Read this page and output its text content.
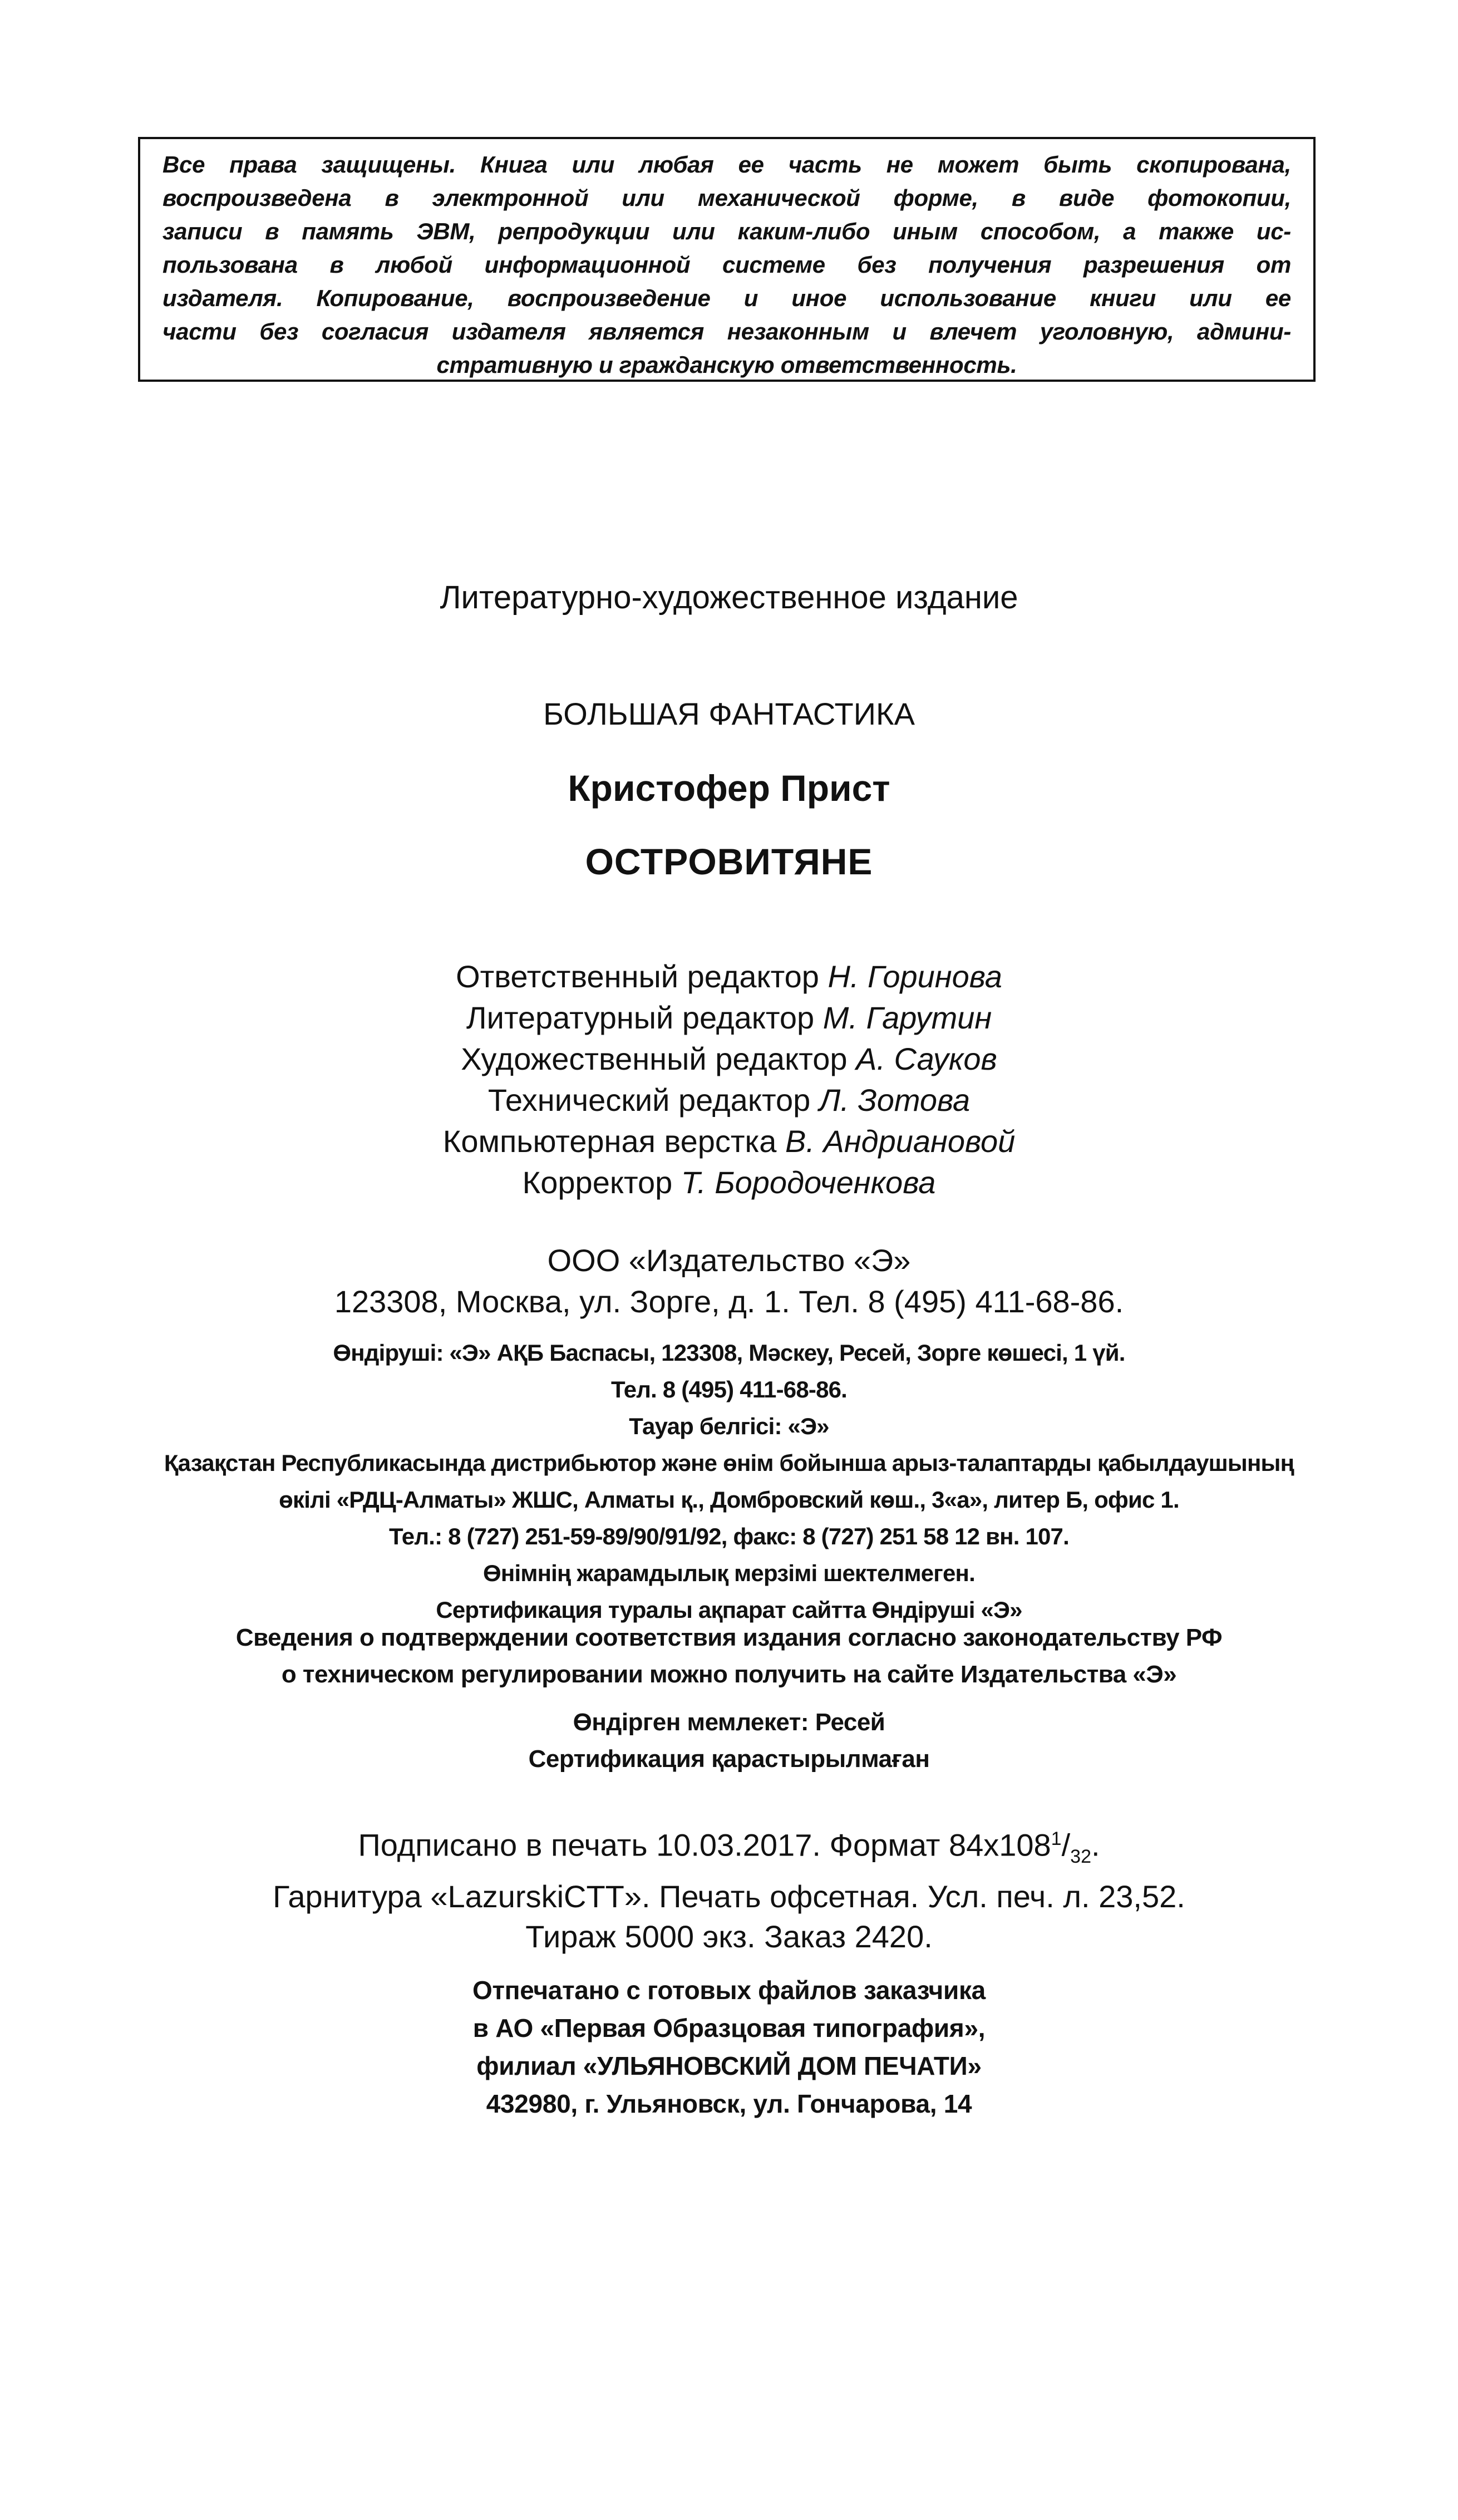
Все права защищены. Книга или любая ее часть не может быть скопирована,
воспроизведена в электронной или механической форме, в виде фотокопии,
записи в память ЭВМ, репродукции или каким-либо иным способом, а также ис-
пользована в любой информационной системе без получения разрешения от
издателя. Копирование, воспроизведение и иное использование книги или ее
части без согласия издателя является незаконным и влечет уголовную, админи-
стративную и гражданскую ответственность.
Литературно-художественное издание
БОЛЬШАЯ ФАНТАСТИКА
Кристофер Прист
ОСТРОВИТЯНЕ
Ответственный редактор Н. Горинова
Литературный редактор М. Гарутин
Художественный редактор А. Сауков
Технический редактор Л. Зотова
Компьютерная верстка В. Андриановой
Корректор Т. Бородоченкова
ООО «Издательство «Э»
123308, Москва, ул. Зорге, д. 1. Тел. 8 (495) 411-68-86.
Өндіруші: «Э» АҚБ Баспасы, 123308, Мәскеу, Ресей, Зорге көшесі, 1 үй.
Тел. 8 (495) 411-68-86.
Тауар белгісі: «Э»
Қазақстан Республикасында дистрибьютор және өнім бойынша арыз-талаптарды қабылдаушының
өкілі «РДЦ-Алматы» ЖШС, Алматы қ., Домбровский көш., 3«а», литер Б, офис 1.
Тел.: 8 (727) 251-59-89/90/91/92, факс: 8 (727) 251 58 12 вн. 107.
Өнімнің жарамдылық мерзімі шектелмеген.
Сертификация туралы ақпарат сайтта Өндіруші «Э»
Сведения о подтверждении соответствия издания согласно законодательству РФ
о техническом регулировании можно получить на сайте Издательства «Э»
Өндірген мемлекет: Ресей
Сертификация қарастырылмаған
Подписано в печать 10.03.2017. Формат $84x108^1/_{32}$.
Гарнитура «LazurskiCTT». Печать офсетная. Усл. печ. л. 23,52.
Тираж 5000 экз. Заказ 2420.
Отпечатано с готовых файлов заказчика
в АО «Первая Образцовая типография»,
филиал «УЛЬЯНОВСКИЙ ДОМ ПЕЧАТИ»
432980, г. Ульяновск, ул. Гончарова, 14
